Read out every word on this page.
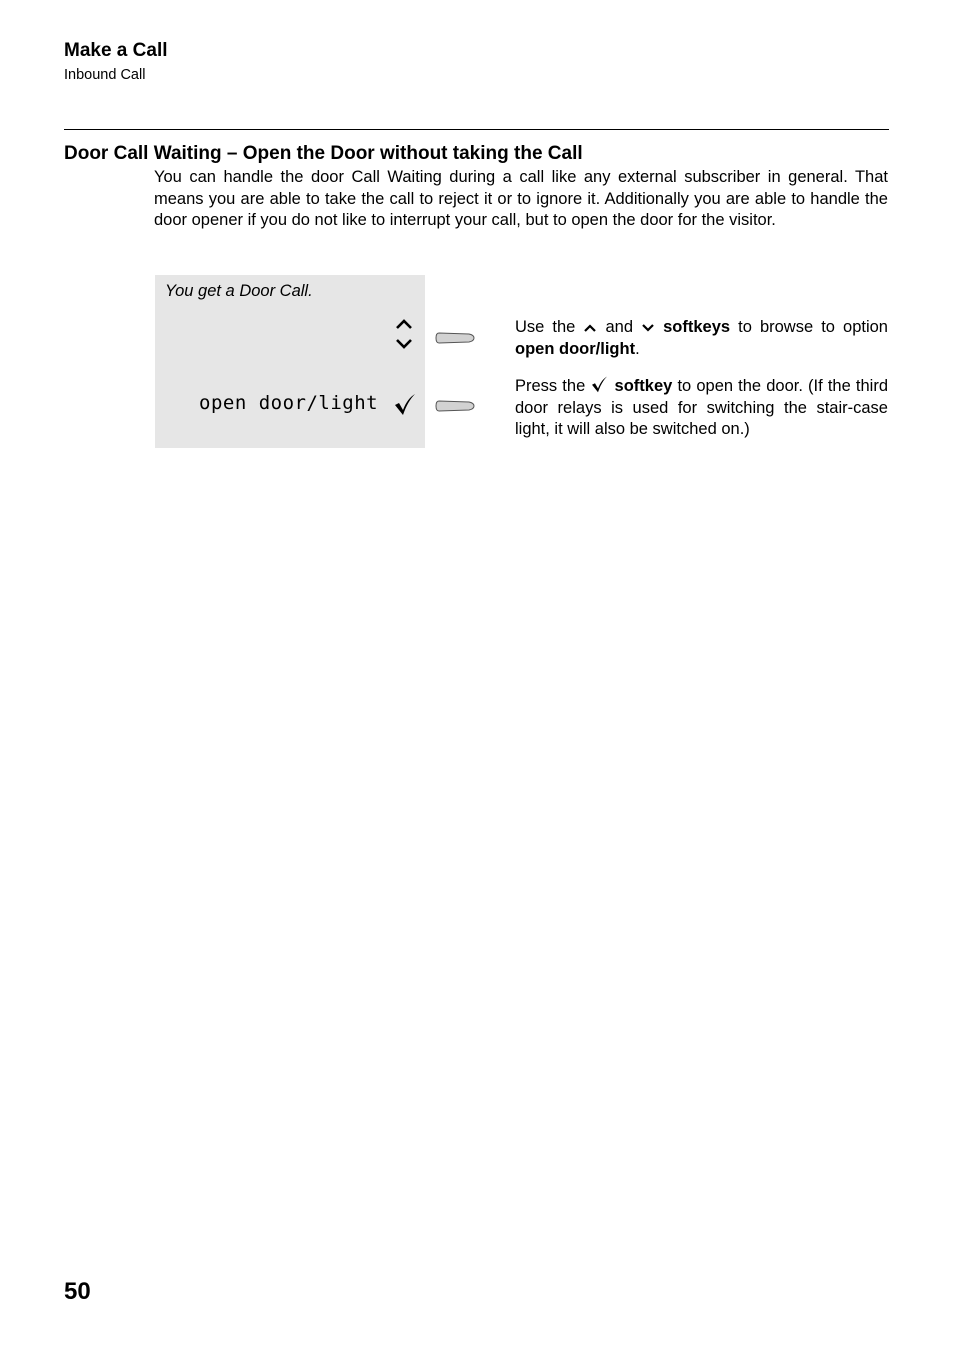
Make a Call
Inbound Call
Door Call Waiting – Open the Door without taking the Call
You can handle the door Call Waiting during a call like any external subscriber in general. That means you are able to take the call to reject it or to ignore it. Additionally you are able to handle the door opener if you do not like to interrupt your call, but to open the door for the visitor.
You get a Door Call.
open door/light
Use the and softkeys to browse to option open door/light.
Press the softkey to open the door. (If the third door relays is used for switching the stair-case light, it will also be switched on.)
50
